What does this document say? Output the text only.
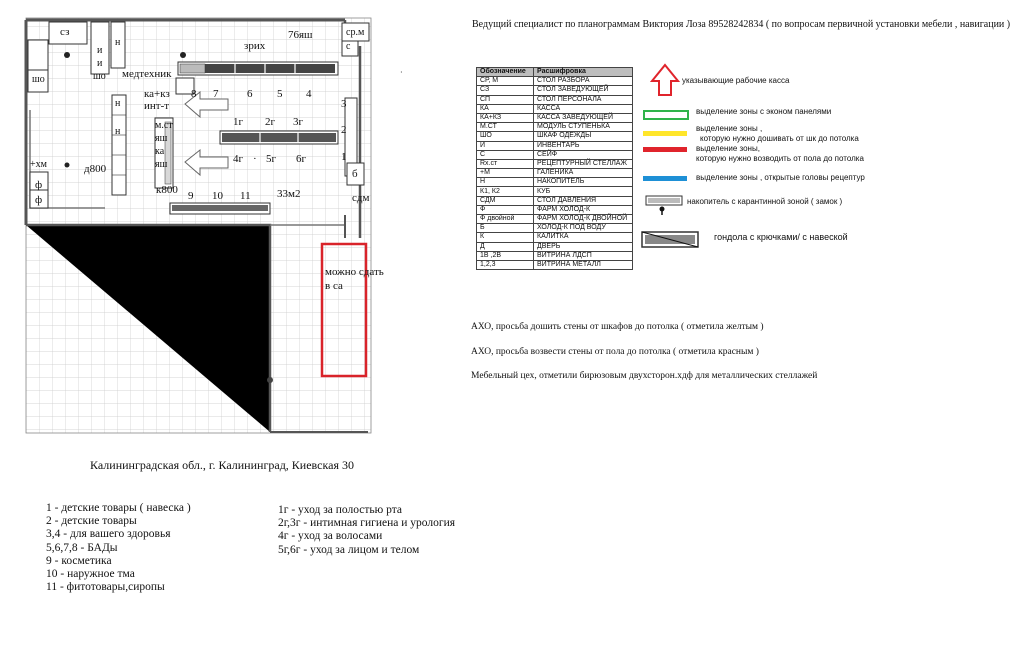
сз	ср.м
с
зрих
76яш
и
и
шо
шо
н
н
н
медтехник
ка+кз
инт-т
м.ст
яш
ка
яш
8 7	6 5 4
3
2
1
1г 2г 3г
4г · 5г 6г
д800
к800 9 10 11 33м2
б
сдм
+хм
ф
ф
можно сдать
в са
Калининградская обл., г. Калининград, Киевская 30
Ведущий специалист по планограммам Виктория Лоза 89528242834 ( по вопросам первичной установки мебели , навигации )
·	Обозначение	Расшифровка
СР, М	СТОЛ РАЗБОРА
СЗ	СТОЛ ЗАВЕДУЮЩЕЙ
СП	СТОЛ ПЕРСОНАЛА
КА	КАССА
КА+КЗ	КАССА ЗАВЕДУЮЩЕЙ
М.СТ	МОДУЛЬ СТУПЕНЬКА
ШО	ШКАФ ОДЕЖДЫ
И	ИНВЕНТАРЬ
С	СЕЙФ
Rx.ст	РЕЦЕПТУРНЫЙ СТЕЛЛАЖ
+М	ГАЛЕНИКА
Н	НАКОПИТЕЛЬ
К1, К2	КУБ
СДМ	СТОЛ ДАВЛЕНИЯ
Ф	ФАРМ ХОЛОД-К
Ф двойной	ФАРМ ХОЛОД-К ДВОЙНОЙ
Б	ХОЛОД-К ПОД ВОДУ
К	КАЛИТКА
Д	ДВЕРЬ
1В ,2В	ВИТРИНА ЛДСП
1,2,3	ВИТРИНА МЕТАЛЛ
указывающие рабочие касса
выделение зоны с эконом панелями
выделение зоны ,
которую нужно дошивать от шк до потолка
выделение зоны,
которую нужно возводить от пола до потолка
выделение зоны , открытые головы рецептур
накопитель с карантинной зоной ( замок )
гондола с крючками/ с навеской
АХО, просьба дошить стены от шкафов до потолка ( отметила желтым )
АХО, просьба возвести стены от пола до потолка ( отметила красным )
Мебельный цех, отметили бирюзовым двухсторон.хдф для металлических стеллажей
1 - детские товары ( навеска )
2 - детские товары
3,4 - для вашего здоровья
5,6,7,8 - БАДы
9 - косметика
10 - наружное тма
11 - фитотовары,сиропы
1г - уход за полостью рта
2г,3г - интимная гигиена и урология
4г - уход за волосами
5г,6г - уход за лицом и телом
